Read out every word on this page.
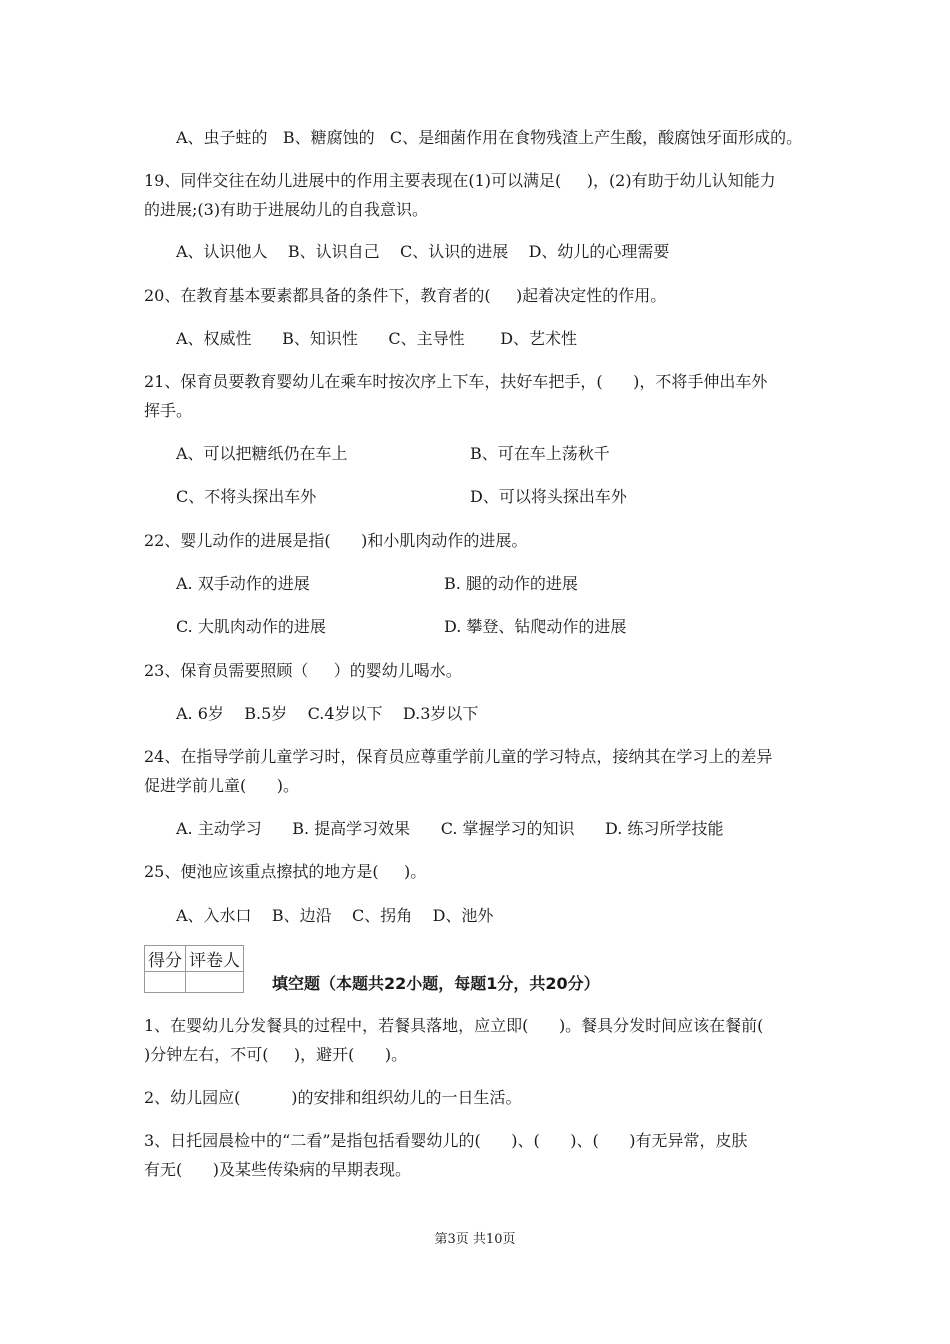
A、虫子蛀的   B、糖腐蚀的   C、是细菌作用在食物残渣上产生酸，酸腐蚀牙面形成的。
19、同伴交往在幼儿进展中的作用主要表现在(1)可以满足(     )，(2)有助于幼儿认知能力
的进展;(3)有助于进展幼儿的自我意识。
A、认识他人    B、认识自己    C、认识的进展    D、幼儿的心理需要
20、在教育基本要素都具备的条件下，教育者的(     )起着决定性的作用。
A、权威性      B、知识性      C、主导性       D、艺术性
21、保育员要教育婴幼儿在乘车时按次序上下车，扶好车把手，(      )，不将手伸出车外
挥手。
A、可以把糖纸仍在车上	B、可在车上荡秋千
C、不将头探出车外	D、可以将头探出车外
22、婴儿动作的进展是指(      )和小肌肉动作的进展。
A. 双手动作的进展	B. 腿的动作的进展
C. 大肌肉动作的进展	D. 攀登、钻爬动作的进展
23、保育员需要照顾（     ）的婴幼儿喝水。
A. 6岁    B.5岁    C.4岁以下    D.3岁以下
24、在指导学前儿童学习时，保育员应尊重学前儿童的学习特点，接纳其在学习上的差异
促进学前儿童(      )。
A. 主动学习      B. 提高学习效果      C. 掌握学习的知识      D. 练习所学技能
25、便池应该重点擦拭的地方是(     )。
A、入水口    B、边沿    C、拐角    D、池外
得分	评卷人

填空题（本题共22小题，每题1分，共20分）
1、在婴幼儿分发餐具的过程中，若餐具落地，应立即(      )。餐具分发时间应该在餐前(
)分钟左右，不可(     )，避开(      )。
2、幼儿园应(          )的安排和组织幼儿的一日生活。
3、日托园晨检中的“二看”是指包括看婴幼儿的(      )、(      )、(      )有无异常，皮肤
有无(      )及某些传染病的早期表现。
第3页 共10页
